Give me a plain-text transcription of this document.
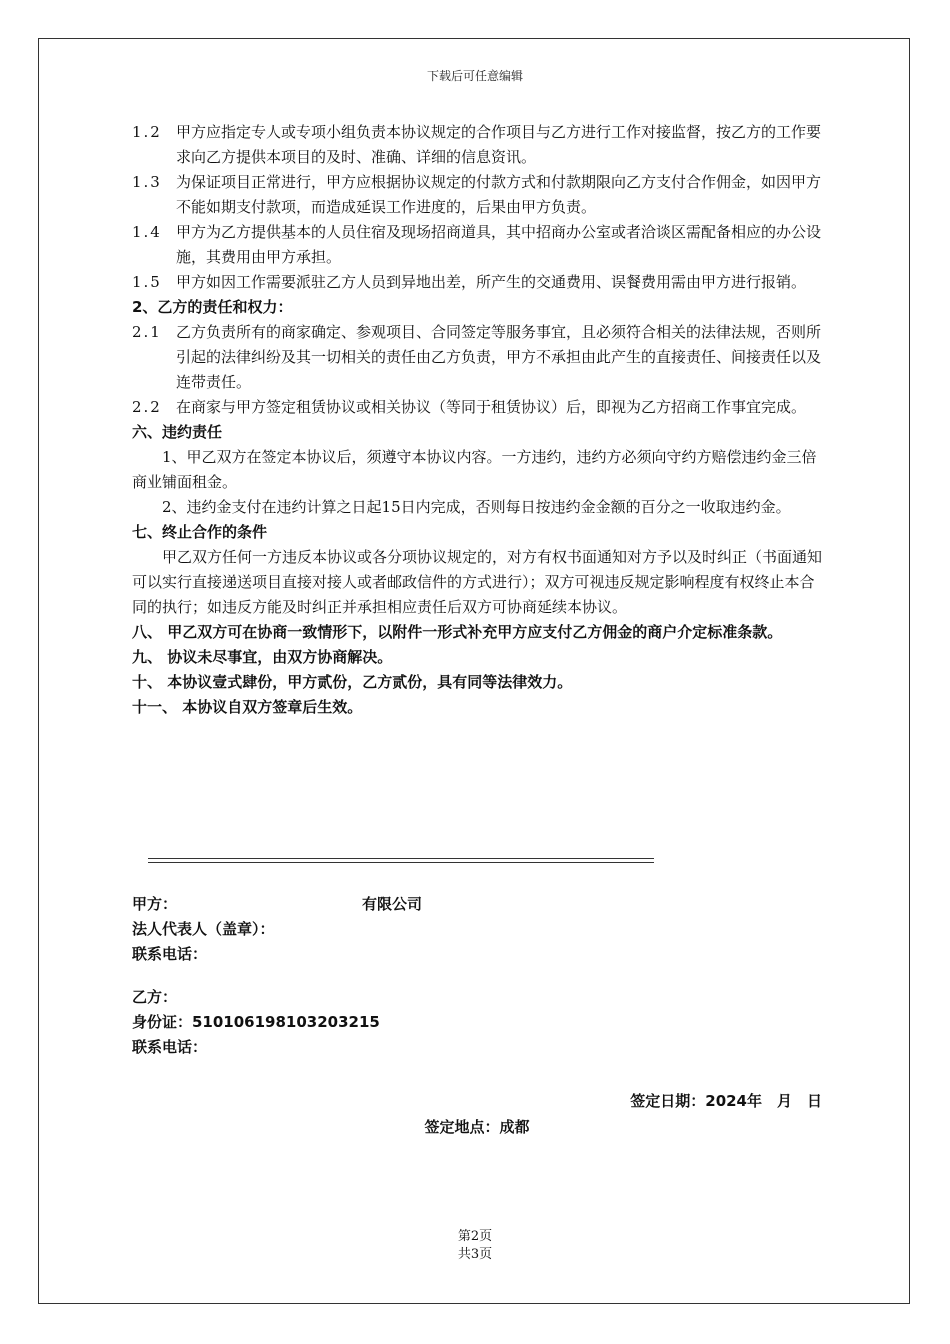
下载后可任意编辑
1.2 甲方应指定专人或专项小组负责本协议规定的合作项目与乙方进行工作对接监督，按乙方的工作要求向乙方提供本项目的及时、准确、详细的信息资讯。
1.3 为保证项目正常进行，甲方应根据协议规定的付款方式和付款期限向乙方支付合作佣金，如因甲方不能如期支付款项，而造成延误工作进度的，后果由甲方负责。
1.4 甲方为乙方提供基本的人员住宿及现场招商道具，其中招商办公室或者洽谈区需配备相应的办公设施，其费用由甲方承担。
1.5 甲方如因工作需要派驻乙方人员到异地出差，所产生的交通费用、误餐费用需由甲方进行报销。

2、乙方的责任和权力：

2.1 乙方负责所有的商家确定、参观项目、合同签定等服务事宜，且必须符合相关的法律法规，否则所引起的法律纠纷及其一切相关的责任由乙方负责，甲方不承担由此产生的直接责任、间接责任以及连带责任。
2.2 在商家与甲方签定租赁协议或相关协议（等同于租赁协议）后，即视为乙方招商工作事宜完成。

六、违约责任

1、甲乙双方在签定本协议后，须遵守本协议内容。一方违约，违约方必须向守约方赔偿违约金三倍商业铺面租金。

2、违约金支付在违约计算之日起15日内完成，否则每日按违约金金额的百分之一收取违约金。

七、终止合作的条件

甲乙双方任何一方违反本协议或各分项协议规定的，对方有权书面通知对方予以及时纠正（书面通知可以实行直接递送项目直接对接人或者邮政信件的方式进行）；双方可视违反规定影响程度有权终止本合同的执行；如违反方能及时纠正并承担相应责任后双方可协商延续本协议。

八、 甲乙双方可在协商一致情形下，以附件一形式补充甲方应支付乙方佣金的商户介定标准条款。

九、 协议未尽事宜，由双方协商解决。

十、 本协议壹式肆份，甲方贰份，乙方贰份，具有同等法律效力。

十一、 本协议自双方签章后生效。

甲方：	有限公司

法人代表人（盖章）：

联系电话：

乙方：

身份证：510106198103203215

联系电话：

签定日期：2024年　月　日
签定地点：成都
第2页
共3页
